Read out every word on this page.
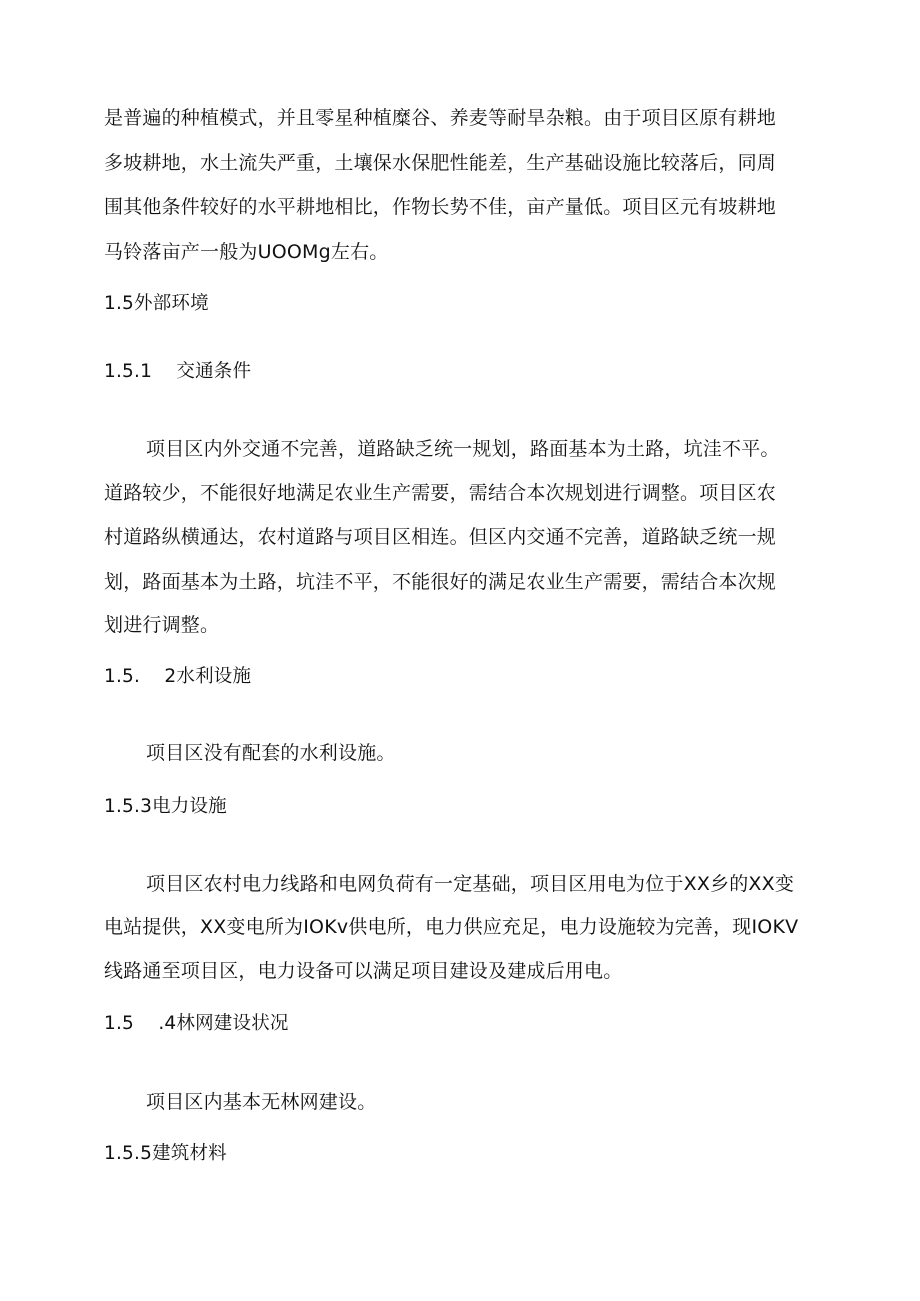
是普遍的种植模式，并且零星种植糜谷、养麦等耐旱杂粮。由于项目区原有耕地
多坡耕地，水土流失严重，土壤保水保肥性能差，生产基础设施比较落后，同周
围其他条件较好的水平耕地相比，作物长势不佳，亩产量低。项目区元有坡耕地
马铃落亩产一般为UOOMg左右。
1.5外部环境
1.5.1    交通条件
项目区内外交通不完善，道路缺乏统一规划，路面基本为土路，坑洼不平。
道路较少，不能很好地满足农业生产需要，需结合本次规划进行调整。项目区农
村道路纵横通达，农村道路与项目区相连。但区内交通不完善，道路缺乏统一规
划，路面基本为土路，坑洼不平，不能很好的满足农业生产需要，需结合本次规
划进行调整。
1.5.    2水利设施
项目区没有配套的水利设施。
1.5.3电力设施
项目区农村电力线路和电网负荷有一定基础，项目区用电为位于XX乡的XX变
电站提供，XX变电所为IOKv供电所，电力供应充足，电力设施较为完善，现IOKV
线路通至项目区，电力设备可以满足项目建设及建成后用电。
1.5    .4林网建设状况
项目区内基本无林网建设。
1.5.5建筑材料
